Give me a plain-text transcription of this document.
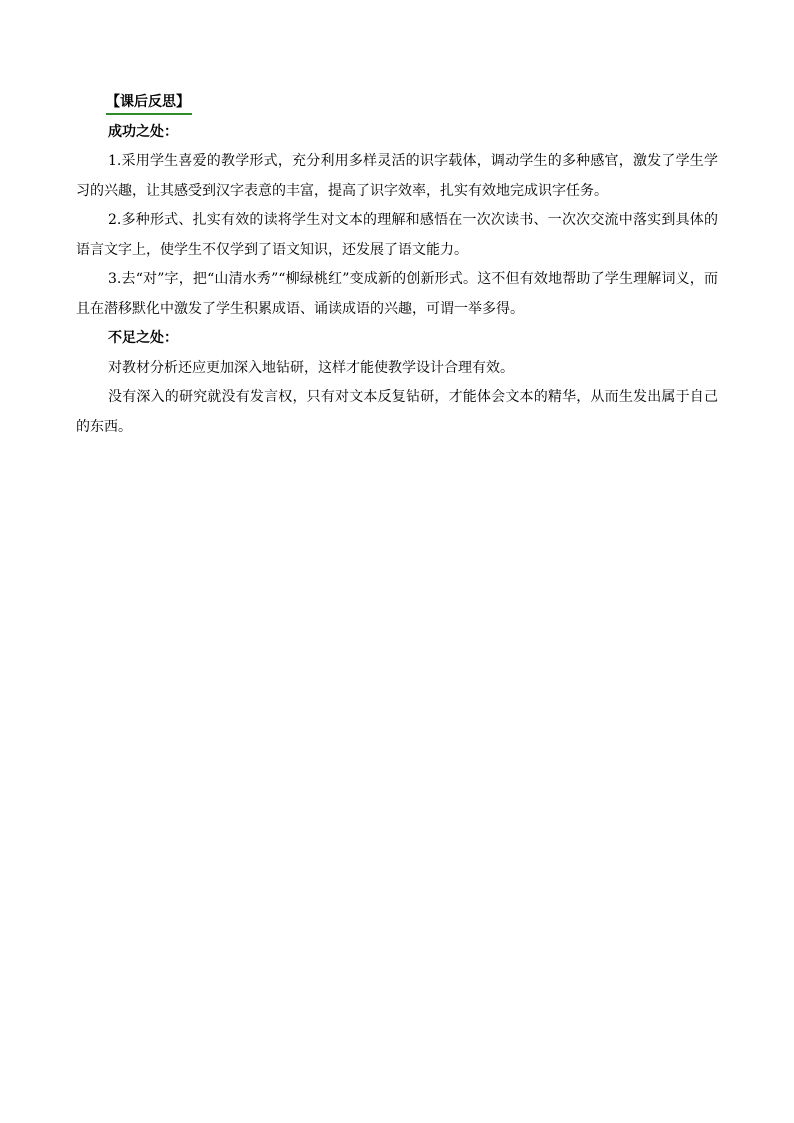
【课后反思】
成功之处：

1.采用学生喜爱的教学形式，充分利用多样灵活的识字载体，调动学生的多种感官，激发了学生学习的兴趣，让其感受到汉字表意的丰富，提高了识字效率，扎实有效地完成识字任务。

2.多种形式、扎实有效的读将学生对文本的理解和感悟在一次次读书、一次次交流中落实到具体的语言文字上，使学生不仅学到了语文知识，还发展了语文能力。

3.去“对”字，把“山清水秀”“柳绿桃红”变成新的创新形式。这不但有效地帮助了学生理解词义，而且在潜移默化中激发了学生积累成语、诵读成语的兴趣，可谓一举多得。

不足之处：

对教材分析还应更加深入地钻研，这样才能使教学设计合理有效。

没有深入的研究就没有发言权，只有对文本反复钻研，才能体会文本的精华，从而生发出属于自己的东西。
